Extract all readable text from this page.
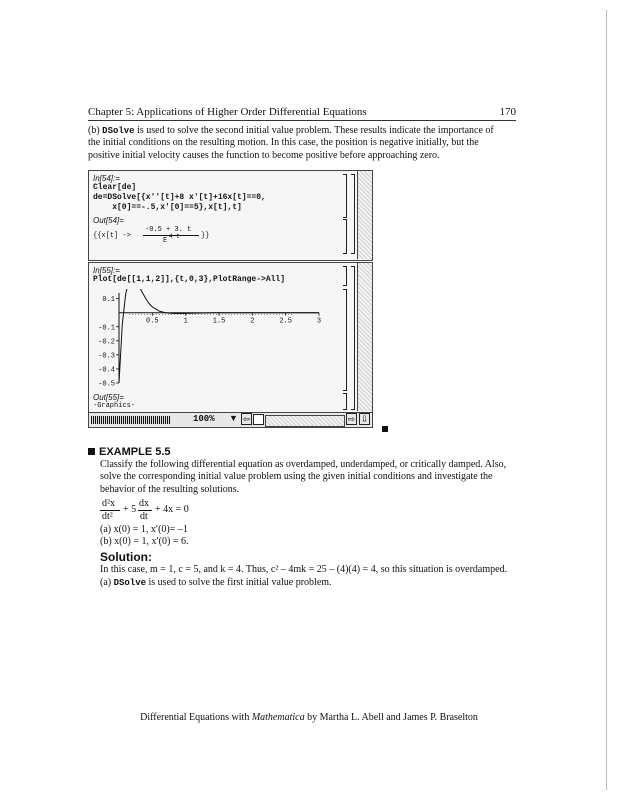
Chapter 5: Applications of Higher Order Differential Equations	170
(b) DSolve is used to solve the second initial value problem. These results indicate the importance of
the initial conditions on the resulting motion. In this case, the position is negative initially, but the
positive initial velocity causes the function to become positive before approaching zero.
In[54]:=
Clear[de]
de=DSolve[{x''[t]+8 x'[t]+16x[t]==0,
x[0]==-.5,x'[0]==5},x[t],t]
Out[54]=
{{x[t] ->
-0.5 + 3. t
E
4 t	}}
In[55]:=
Plot[de[[1,1,2]],{t,0,3},PlotRange->All]
0.5	1	1.5	2	2.5	3
0.1
-0.1
-0.2
-0.3
-0.4
-0.5
Out[55]=
-Graphics-
100% ▼ ⇦	⇨ ⇩
EXAMPLE 5.5
Classify the following differential equation as overdamped, underdamped, or critically damped. Also,
solve the corresponding initial value problem using the given initial conditions and investigate the
behavior of the resulting solutions.
d²x
dt²
+ 5
dx
dt
+ 4x = 0
(a) x(0) = 1, x′(0)= –1
(b) x(0) = 1, x′(0) = 6.
Solution:
In this case, m = 1, c = 5, and k = 4. Thus, c² – 4mk = 25 – (4)(4) = 4, so this situation is overdamped.
(a) DSolve is used to solve the first initial value problem.
Differential Equations with Mathematica by Martha L. Abell and James P. Braselton
